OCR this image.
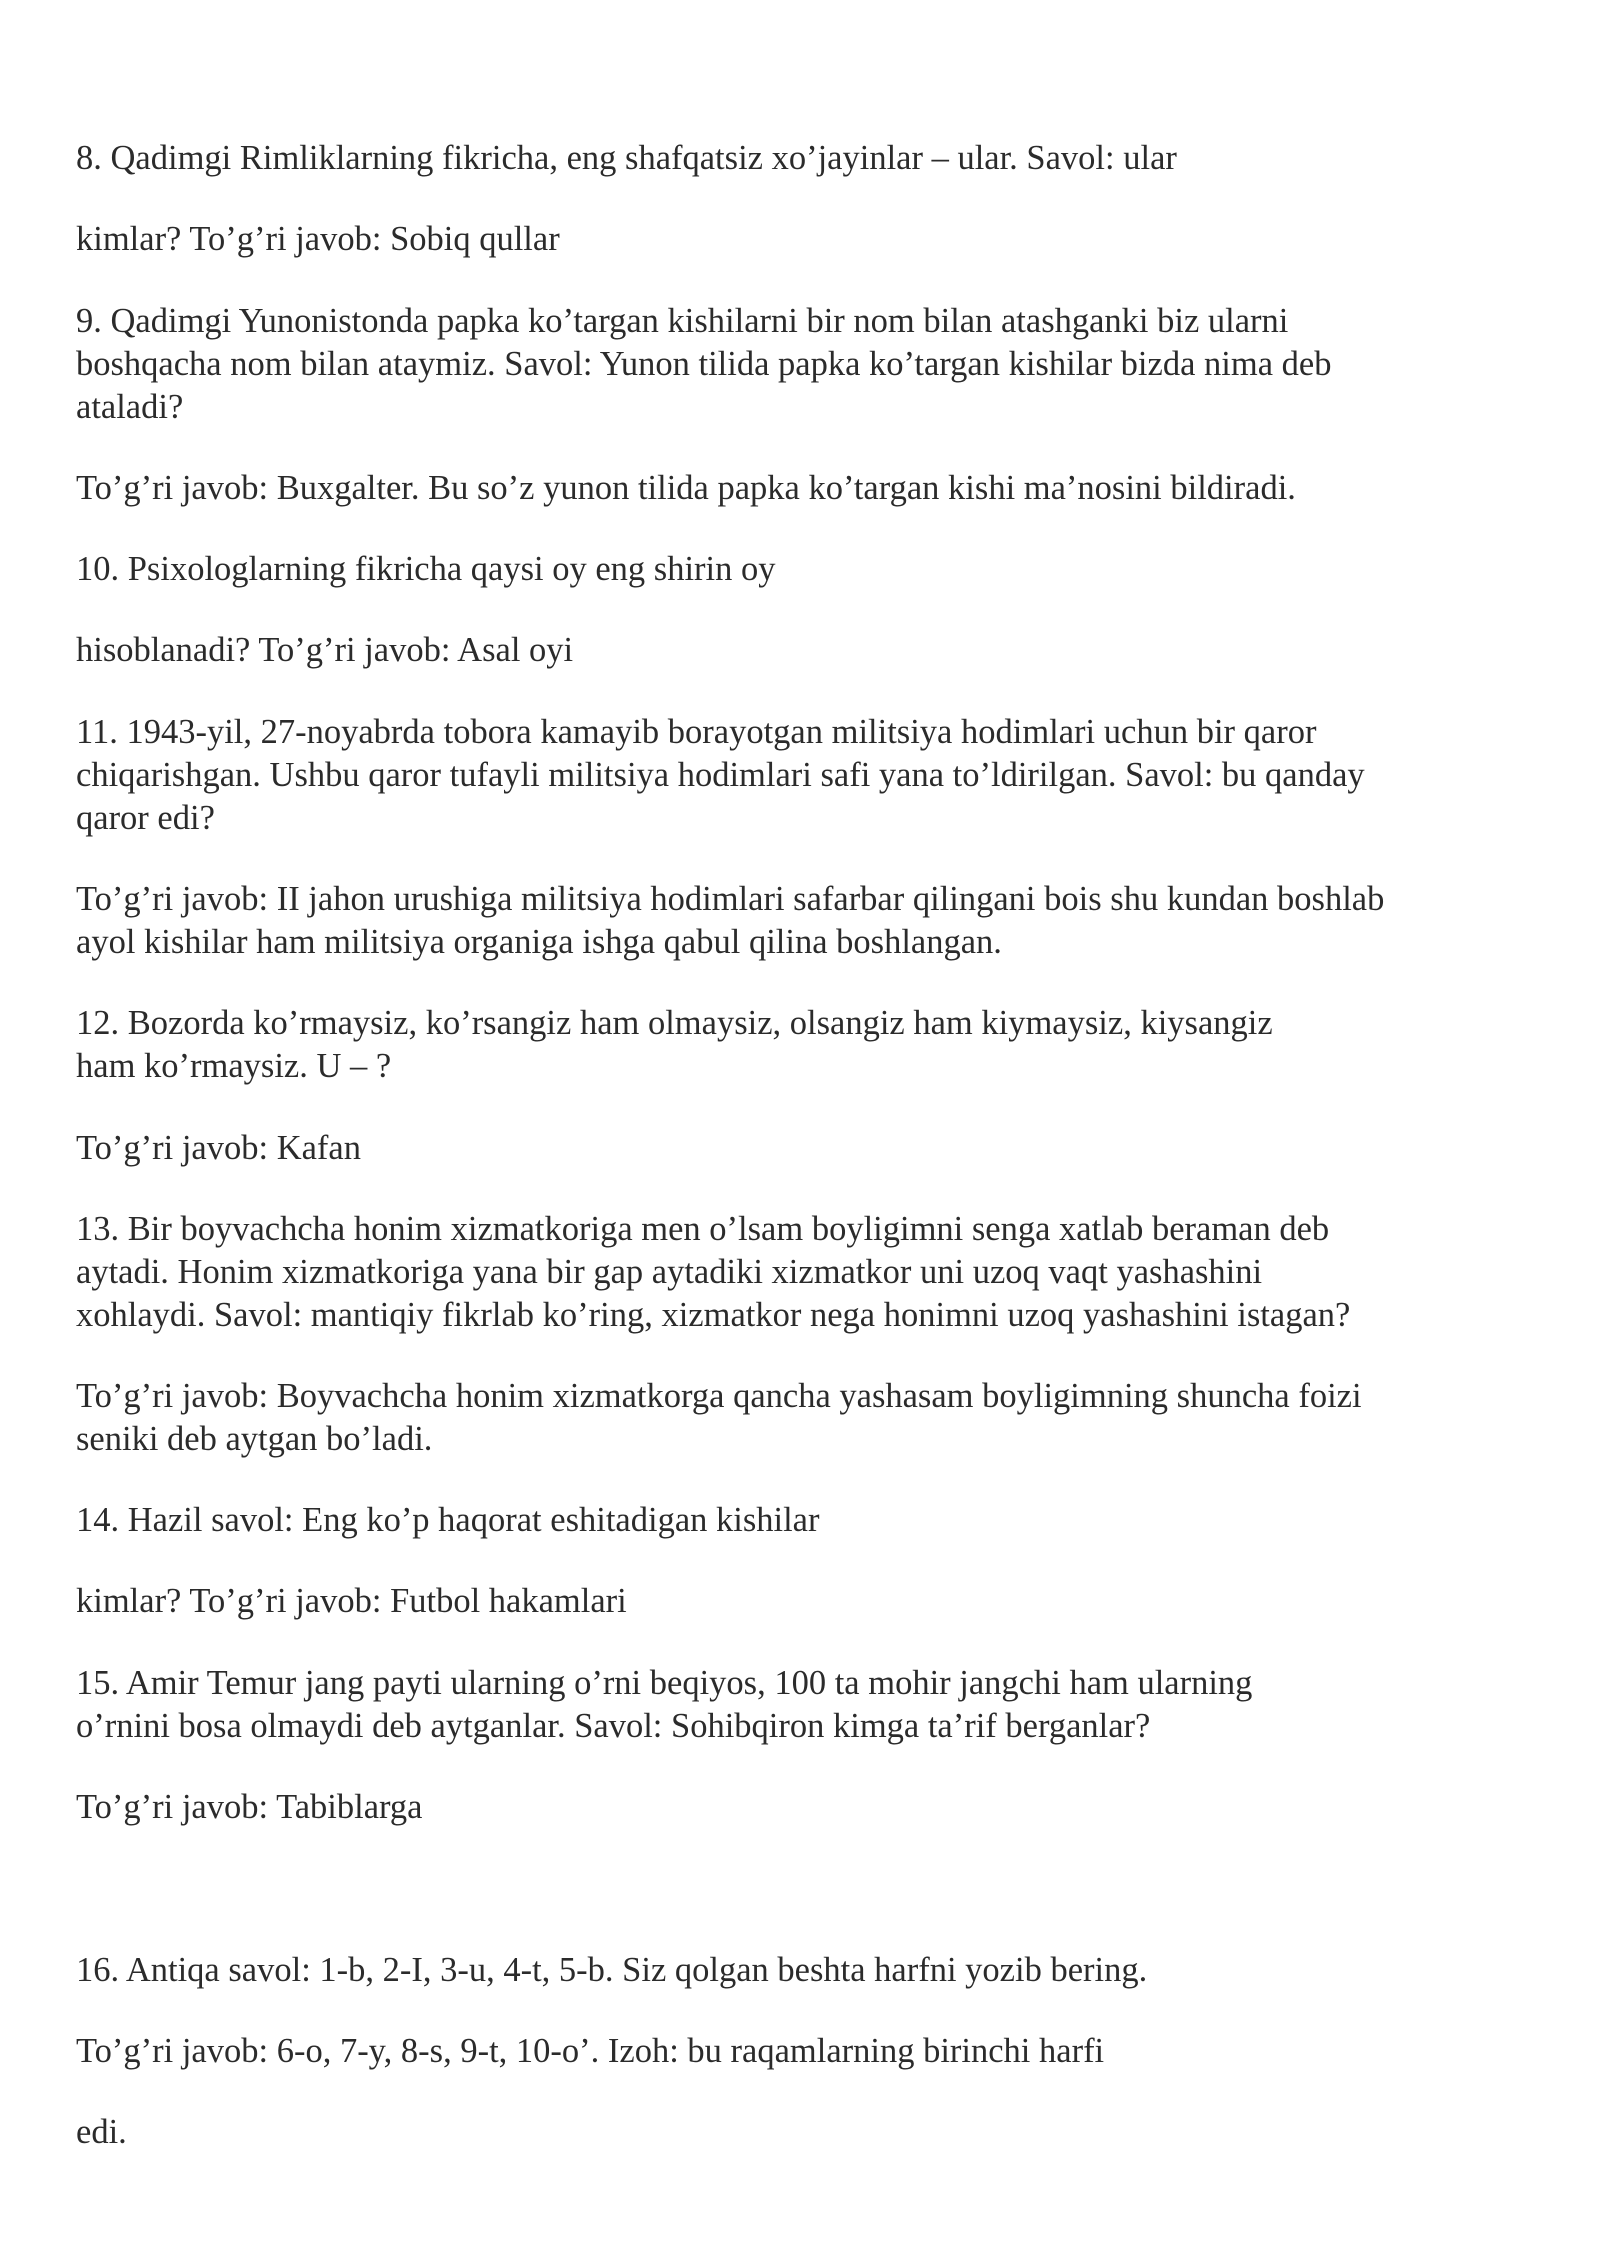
8. Qadimgi Rimliklarning fikricha, eng shafqatsiz xo’jayinlar – ular. Savol: ular

kimlar? To’g’ri javob: Sobiq qullar

9. Qadimgi Yunonistonda papka ko’targan kishilarni bir nom bilan atashganki biz ularni
boshqacha nom bilan ataymiz. Savol: Yunon tilida papka ko’targan kishilar bizda nima deb
ataladi?

To’g’ri javob: Buxgalter. Bu so’z yunon tilida papka ko’targan kishi ma’nosini bildiradi.

10. Psixologlarning fikricha qaysi oy eng shirin oy

hisoblanadi? To’g’ri javob: Asal oyi

11. 1943-yil, 27-noyabrda tobora kamayib borayotgan militsiya hodimlari uchun bir qaror
chiqarishgan. Ushbu qaror tufayli militsiya hodimlari safi yana to’ldirilgan. Savol: bu qanday
qaror edi?

To’g’ri javob: II jahon urushiga militsiya hodimlari safarbar qilingani bois shu kundan boshlab
ayol kishilar ham militsiya organiga ishga qabul qilina boshlangan.

12. Bozorda ko’rmaysiz, ko’rsangiz ham olmaysiz, olsangiz ham kiymaysiz, kiysangiz
ham ko’rmaysiz. U – ?

To’g’ri javob: Kafan

13. Bir boyvachcha honim xizmatkoriga men o’lsam boyligimni senga xatlab beraman deb
aytadi. Honim xizmatkoriga yana bir gap aytadiki xizmatkor uni uzoq vaqt yashashini
xohlaydi. Savol: mantiqiy fikrlab ko’ring, xizmatkor nega honimni uzoq yashashini istagan?

To’g’ri javob: Boyvachcha honim xizmatkorga qancha yashasam boyligimning shuncha foizi
seniki deb aytgan bo’ladi.

14. Hazil savol: Eng ko’p haqorat eshitadigan kishilar

kimlar? To’g’ri javob: Futbol hakamlari

15. Amir Temur jang payti ularning o’rni beqiyos, 100 ta mohir jangchi ham ularning
o’rnini bosa olmaydi deb aytganlar. Savol: Sohibqiron kimga ta’rif berganlar?

To’g’ri javob: Tabiblarga

16. Antiqa savol: 1-b, 2-I, 3-u, 4-t, 5-b. Siz qolgan beshta harfni yozib bering.

To’g’ri javob: 6-o, 7-y, 8-s, 9-t, 10-o’. Izoh: bu raqamlarning birinchi harfi

edi.
